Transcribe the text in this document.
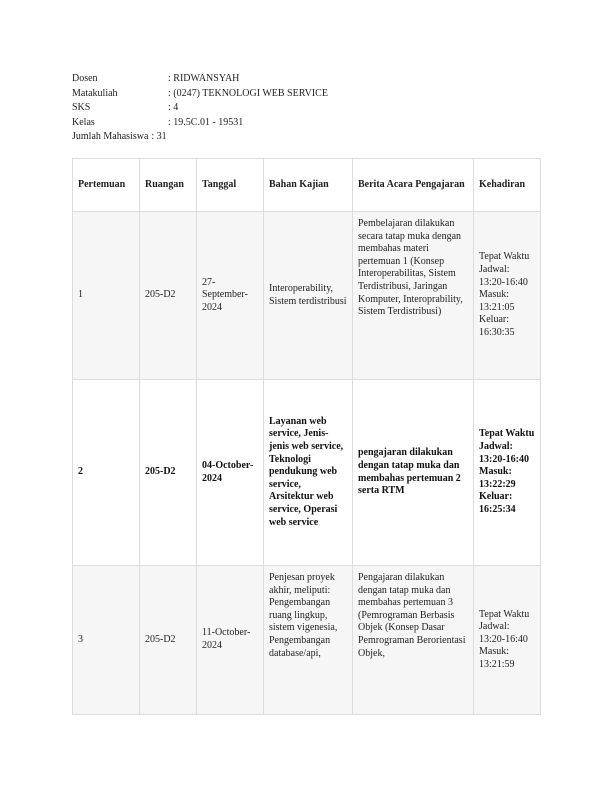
Dosen	: RIDWANSYAH
Matakuliah	: (0247) TEKNOLOGI WEB SERVICE
SKS	: 4
Kelas	: 19.5C.01 - 19531
Jumlah Mahasiswa : 31
Pertemuan	Ruangan	Tanggal	Bahan Kajian	Berita Acara Pengajaran	Kehadiran
1	205-D2	27-September-2024	Interoperability, Sistem terdistribusi	Pembelajaran dilakukan secara tatap muka dengan membahas materi pertemuan 1 (Konsep Interoperabilitas, Sistem Terdistribusi, Jaringan Komputer, Interoprability, Sistem Terdistribusi)	Tepat Waktu Jadwal: 13:20-16:40 Masuk: 13:21:05 Keluar: 16:30:35
2	205-D2	04-October-2024	Layanan web service, Jenis-jenis web service, Teknologi pendukung web service, Arsitektur web service, Operasi web service	pengajaran dilakukan dengan tatap muka dan membahas pertemuan 2 serta RTM	Tepat Waktu Jadwal: 13:20-16:40 Masuk: 13:22:29 Keluar: 16:25:34
3	205-D2	11-October-2024	Penjesan proyek akhir, meliputi: Pengembangan ruang lingkup, sistem vigenesia, Pengembangan database/api,	Pengajaran dilakukan dengan tatap muka dan membahas pertemuan 3 (Pemrograman Berbasis Objek (Konsep Dasar Pemrograman Berorientasi Objek,	Tepat Waktu Jadwal: 13:20-16:40 Masuk: 13:21:59
